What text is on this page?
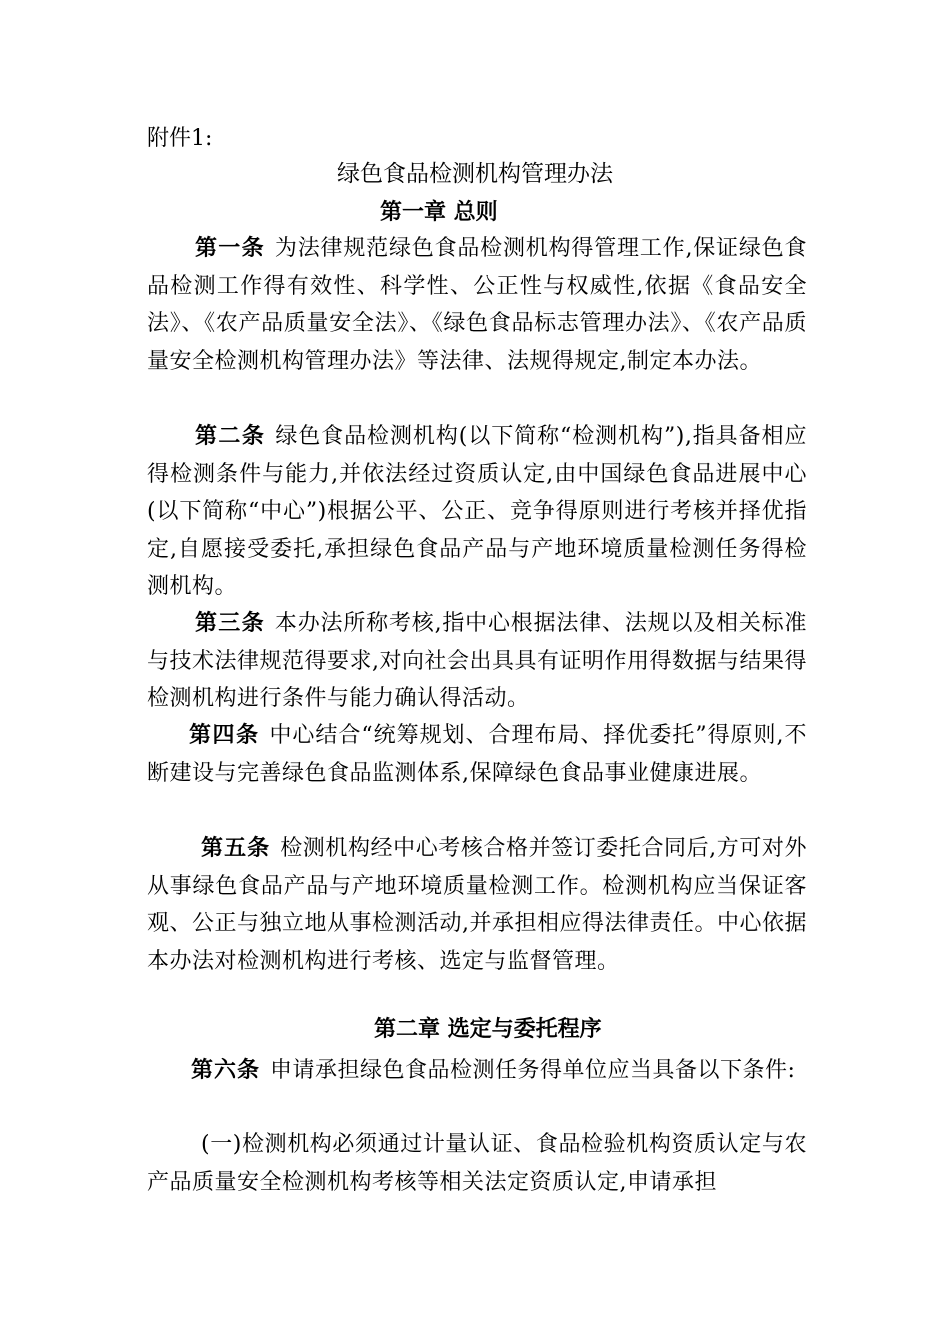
附件1:
绿色食品检测机构管理办法
第一章 总则

第一条 为法律规范绿色食品检测机构得管理工作,保证绿色食品检测工作得有效性、科学性、公正性与权威性,依据《食品安全法》、《农产品质量安全法》、《绿色食品标志管理办法》、《农产品质量安全检测机构管理办法》等法律、法规得规定,制定本办法。

第二条 绿色食品检测机构(以下简称“检测机构”),指具备相应得检测条件与能力,并依法经过资质认定,由中国绿色食品进展中心(以下简称“中心”)根据公平、公正、竞争得原则进行考核并择优指定,自愿接受委托,承担绿色食品产品与产地环境质量检测任务得检测机构。

第三条 本办法所称考核,指中心根据法律、法规以及相关标准与技术法律规范得要求,对向社会出具具有证明作用得数据与结果得检测机构进行条件与能力确认得活动。

第四条 中心结合“统筹规划、合理布局、择优委托”得原则,不断建设与完善绿色食品监测体系,保障绿色食品事业健康进展。

第五条 检测机构经中心考核合格并签订委托合同后,方可对外从事绿色食品产品与产地环境质量检测工作。检测机构应当保证客观、公正与独立地从事检测活动,并承担相应得法律责任。中心依据本办法对检测机构进行考核、选定与监督管理。

第二章 选定与委托程序

第六条 申请承担绿色食品检测任务得单位应当具备以下条件:

(一)检测机构必须通过计量认证、食品检验机构资质认定与农产品质量安全检测机构考核等相关法定资质认定,申请承担
